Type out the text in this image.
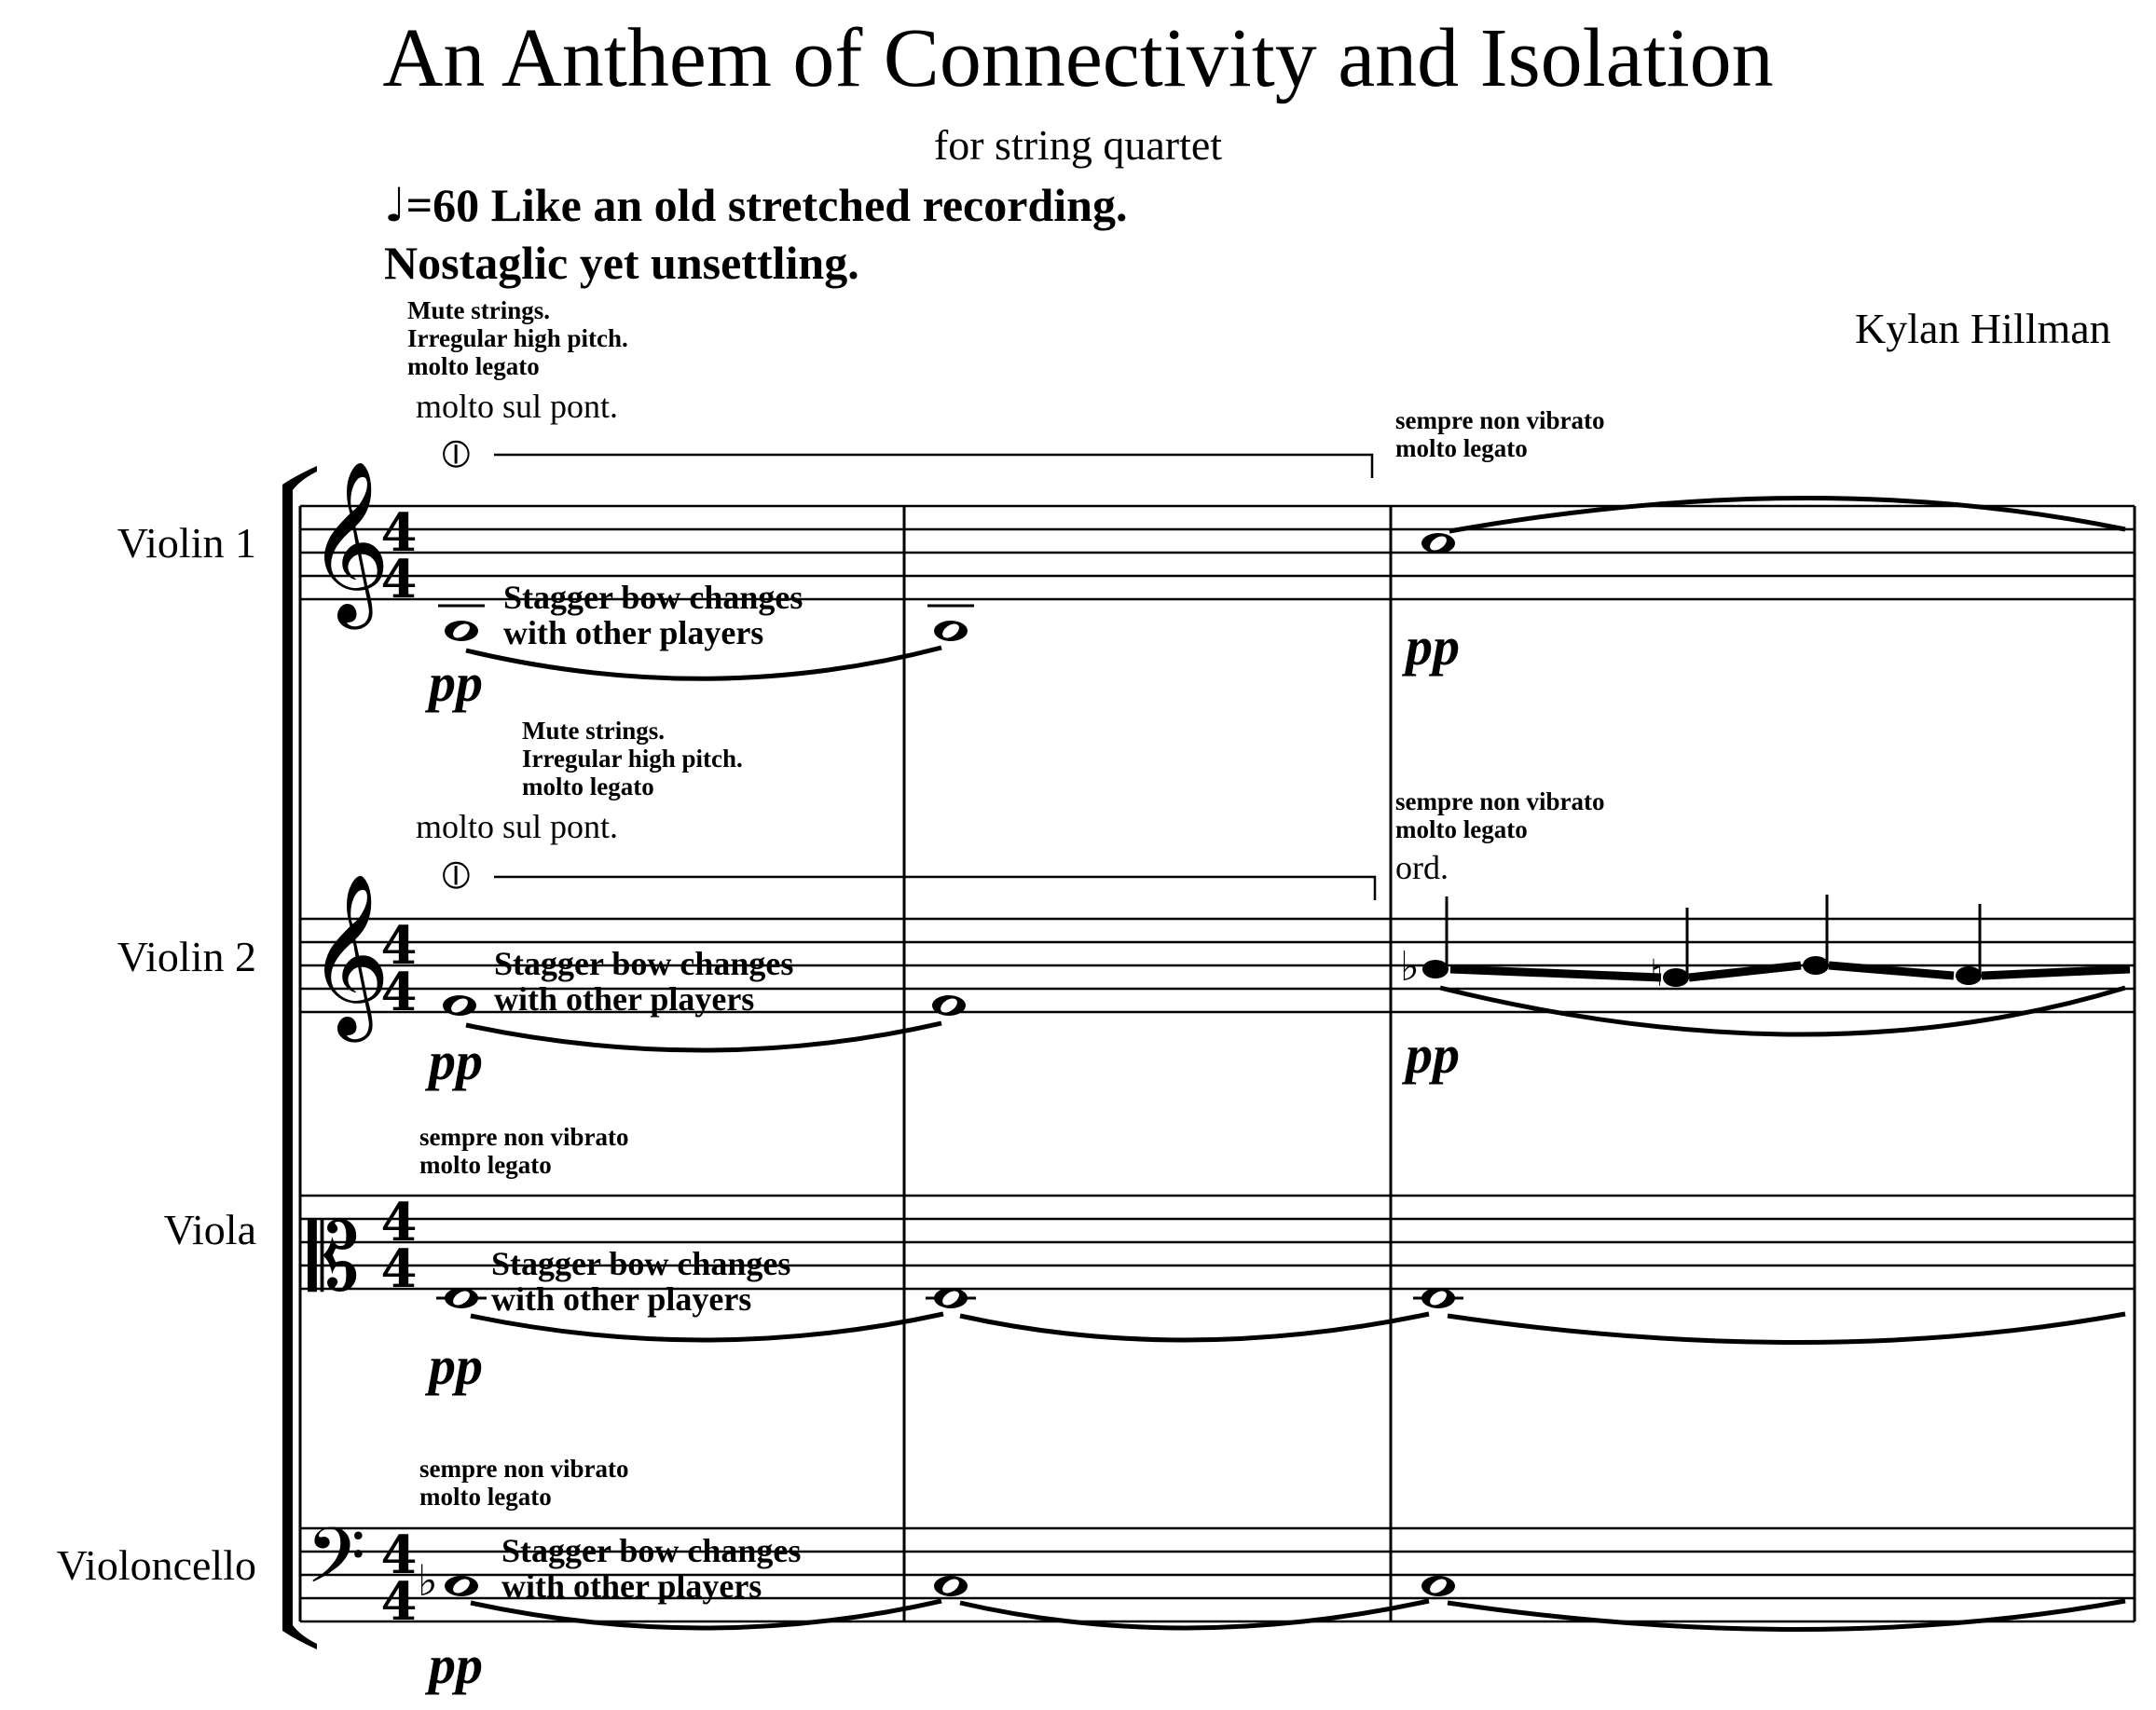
An Anthem of Connectivity and Isolation
for string quartet
♩=60 Like an old stretched recording.
Nostaglic yet unsettling.
Kylan Hillman
Violin 1
Violin 2
Viola
Violoncello
Mute strings.
Irregular high pitch.
molto legato
molto sul pont.
⦶
sempre non vibrato
molto legato
Stagger bow changes
with other players
pp
pp
Mute strings.
Irregular high pitch.
molto legato
molto sul pont.
⦶
sempre non vibrato
molto legato
ord.
Stagger bow changes
with other players
pp	pp
sempre non vibrato
molto legato
Stagger bow changes
with other players
pp
sempre non vibrato
molto legato
Stagger bow changes
with other players
pp
𝄞
𝄞
𝄡
𝄢
4
4
4
4
4
4
4
4
♭	♮
♭
